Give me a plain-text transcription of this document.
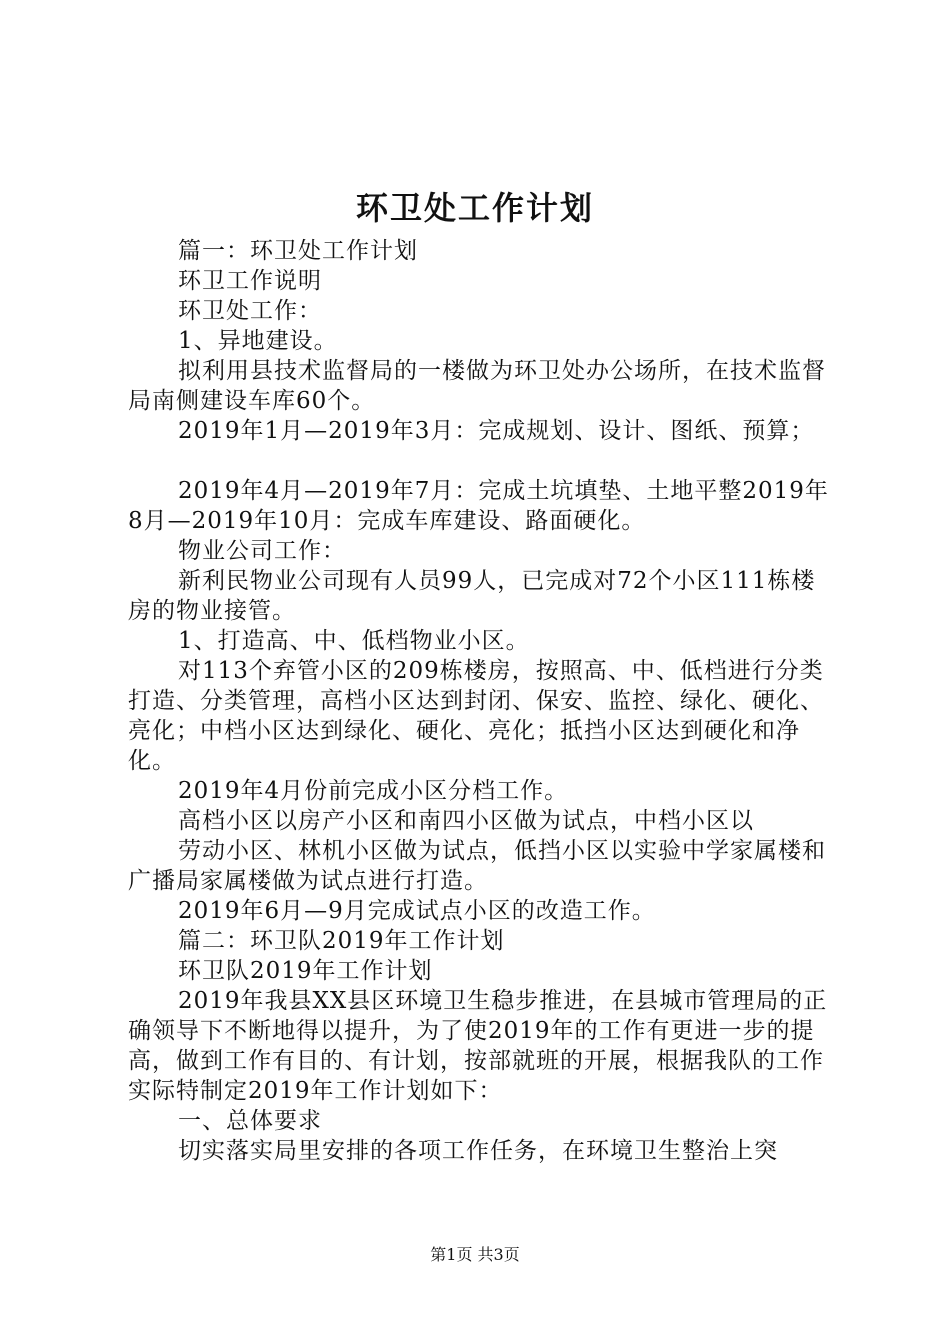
环卫处工作计划

篇一：环卫处工作计划

环卫工作说明

环卫处工作：

1、异地建设。

拟利用县技术监督局的一楼做为环卫处办公场所，在技术监督局南侧建设车库60个。

2019年1月—2019年3月：完成规划、设计、图纸、预算；

2019年4月—2019年7月：完成土坑填垫、土地平整2019年8月—2019年10月：完成车库建设、路面硬化。

物业公司工作：

新利民物业公司现有人员99人，已完成对72个小区111栋楼房的物业接管。

1、打造高、中、低档物业小区。

对113个弃管小区的209栋楼房，按照高、中、低档进行分类打造、分类管理，高档小区达到封闭、保安、监控、绿化、硬化、亮化；中档小区达到绿化、硬化、亮化；抵挡小区达到硬化和净化。

2019年4月份前完成小区分档工作。

高档小区以房产小区和南四小区做为试点，中档小区以

劳动小区、林机小区做为试点，低挡小区以实验中学家属楼和广播局家属楼做为试点进行打造。

2019年6月—9月完成试点小区的改造工作。

篇二：环卫队2019年工作计划

环卫队2019年工作计划

2019年我县XX县区环境卫生稳步推进，在县城市管理局的正确领导下不断地得以提升，为了使2019年的工作有更进一步的提高，做到工作有目的、有计划，按部就班的开展，根据我队的工作实际特制定2019年工作计划如下：

一、总体要求

切实落实局里安排的各项工作任务，在环境卫生整治上突

第1页 共3页
